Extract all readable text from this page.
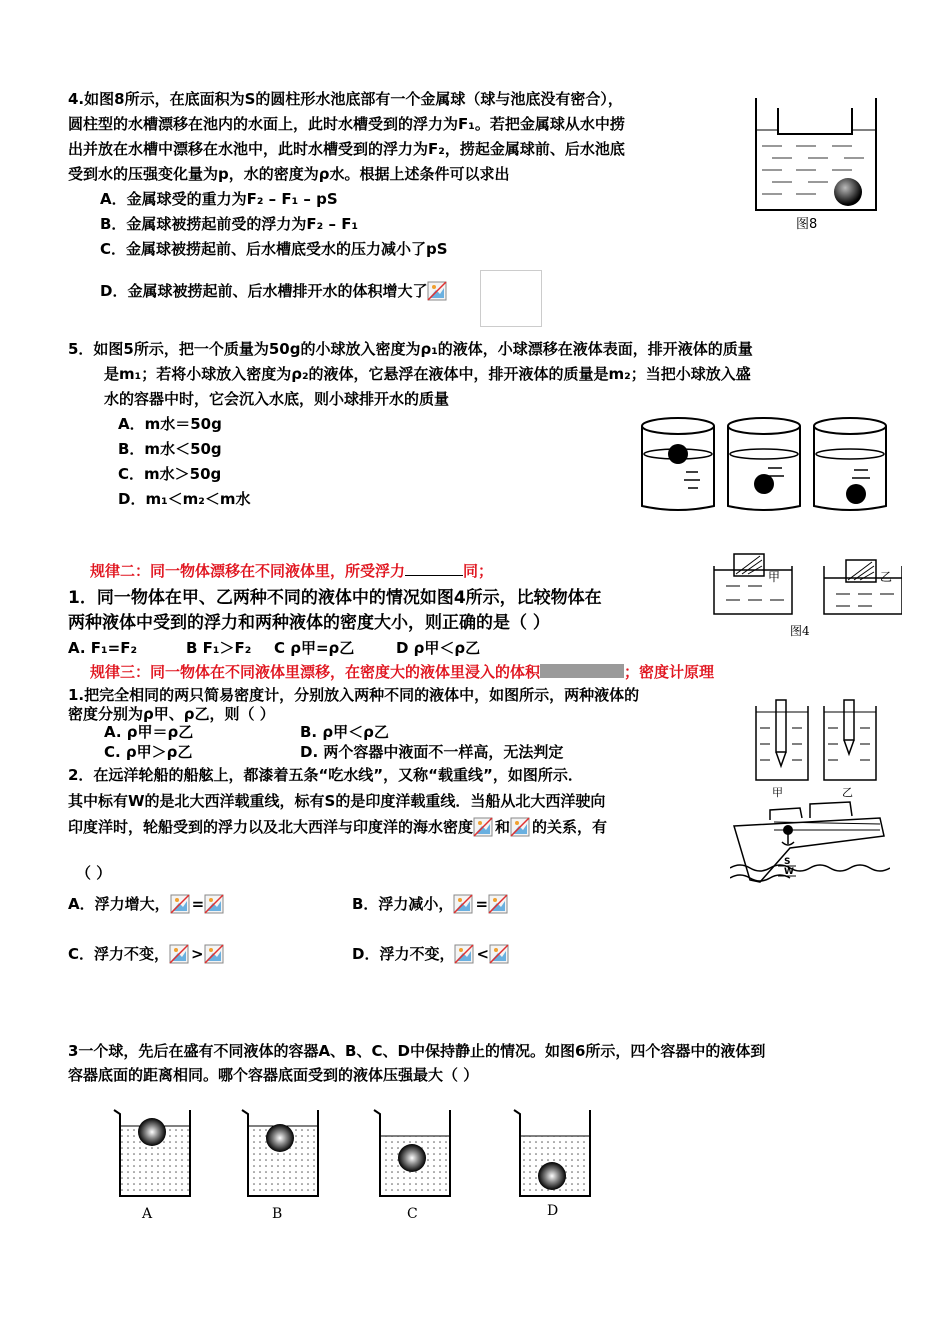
4.如图8所示，在底面积为S的圆柱形水池底部有一个金属球（球与池底没有密合），
圆柱型的水槽漂移在池内的水面上，此时水槽受到的浮力为F₁。若把金属球从水中捞
出并放在水槽中漂移在水池中，此时水槽受到的浮力为F₂，捞起金属球前、后水池底
受到水的压强变化量为p，水的密度为ρ水。根据上述条件可以求出
A．金属球受的重力为F₂ – F₁ – pS
B．金属球被捞起前受的浮力为F₂ – F₁
C．金属球被捞起前、后水槽底受水的压力减小了pS
D．金属球被捞起前、后水槽排开水的体积增大了
图8
5．如图5所示，把一个质量为50g的小球放入密度为ρ₁的液体，小球漂移在液体表面，排开液体的质量
是m₁；若将小球放入密度为ρ₂的液体，它悬浮在液体中，排开液体的质量是m₂；当把小球放入盛
水的容器中时，它会沉入水底，则小球排开水的质量
A．m水＝50g
B．m水＜50g
C．m水＞50g
D．m₁＜m₂＜m水
规律二：同一物体漂移在不同液体里，所受浮力	同；
1．同一物体在甲、乙两种不同的液体中的情况如图4所示，比较物体在
两种液体中受到的浮力和两种液体的密度大小，则正确的是（ ）
A. F₁=F₂	B F₁＞F₂ C ρ甲=ρ乙	D ρ甲＜ρ乙
甲	乙
图4
规律三：同一物体在不同液体里漂移，在密度大的液体里浸入的体积	；密度计原理
1.把完全相同的两只简易密度计，分别放入两种不同的液体中，如图所示，两种液体的
密度分别为ρ甲、ρ乙，则（ ）
A. ρ甲＝ρ乙	B. ρ甲＜ρ乙
C. ρ甲＞ρ乙	D. 两个容器中液面不一样高，无法判定
甲	乙
2．在远洋轮船的船舷上，都漆着五条“吃水线”，又称“载重线”，如图所示．
其中标有W的是北大西洋载重线，标有S的是印度洋载重线．当船从北大西洋驶向
印度洋时，轮船受到的浮力以及北大西洋与印度洋的海水密度 和 的关系，有
（ ）
S
W
A．浮力增大， =	B．浮力减小， =
C．浮力不变， >	D．浮力不变， <
3一个球，先后在盛有不同液体的容器A、B、C、D中保持静止的情况。如图6所示，四个容器中的液体到
容器底面的距离相同。哪个容器底面受到的液体压强最大（ ）
A	B	C	D
